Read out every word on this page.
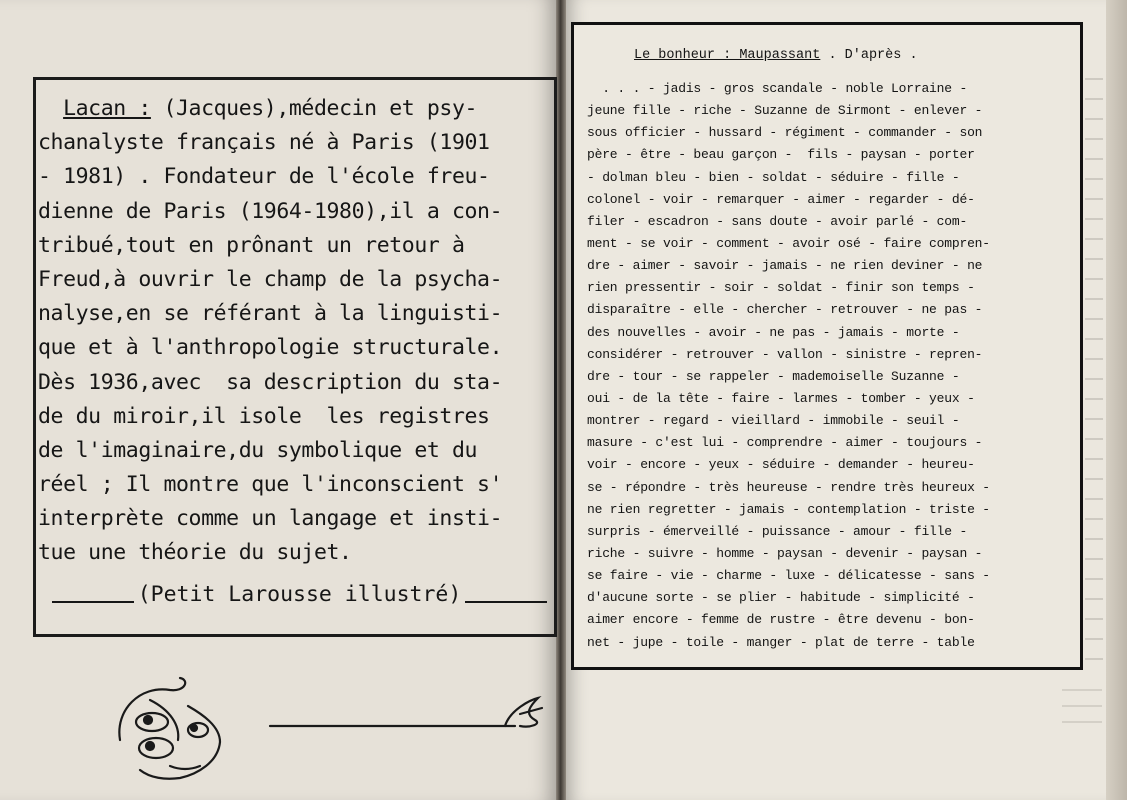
Lacan : (Jacques),médecin et psy-
chanalyste français né à Paris (1901
- 1981) . Fondateur de l'école freu-
dienne de Paris (1964-1980),il a con-
tribué,tout en prônant un retour à
Freud,à ouvrir le champ de la psycha-
nalyse,en se référant à la linguisti-
que et à l'anthropologie structurale.
Dès 1936,avec  sa description du sta-
de du miroir,il isole  les registres
de l'imaginaire,du symbolique et du
réel ; Il montre que l'inconscient s'
interprète comme un langage et insti-
tue une théorie du sujet.
(Petit Larousse illustré)
Le bonheur : Maupassant . D'après .
. . . - jadis - gros scandale - noble Lorraine -
jeune fille - riche - Suzanne de Sirmont - enlever -
sous officier - hussard - régiment - commander - son
père - être - beau garçon -  fils - paysan - porter
- dolman bleu - bien - soldat - séduire - fille -
colonel - voir - remarquer - aimer - regarder - dé-
filer - escadron - sans doute - avoir parlé - com-
ment - se voir - comment - avoir osé - faire compren-
dre - aimer - savoir - jamais - ne rien deviner - ne
rien pressentir - soir - soldat - finir son temps -
disparaître - elle - chercher - retrouver - ne pas -
des nouvelles - avoir - ne pas - jamais - morte -
considérer - retrouver - vallon - sinistre - repren-
dre - tour - se rappeler - mademoiselle Suzanne -
oui - de la tête - faire - larmes - tomber - yeux -
montrer - regard - vieillard - immobile - seuil -
masure - c'est lui - comprendre - aimer - toujours -
voir - encore - yeux - séduire - demander - heureu-
se - répondre - très heureuse - rendre très heureux -
ne rien regretter - jamais - contemplation - triste -
surpris - émerveillé - puissance - amour - fille -
riche - suivre - homme - paysan - devenir - paysan -
se faire - vie - charme - luxe - délicatesse - sans -
d'aucune sorte - se plier - habitude - simplicité -
aimer encore - femme de rustre - être devenu - bon-
net - jupe - toile - manger - plat de terre - table
